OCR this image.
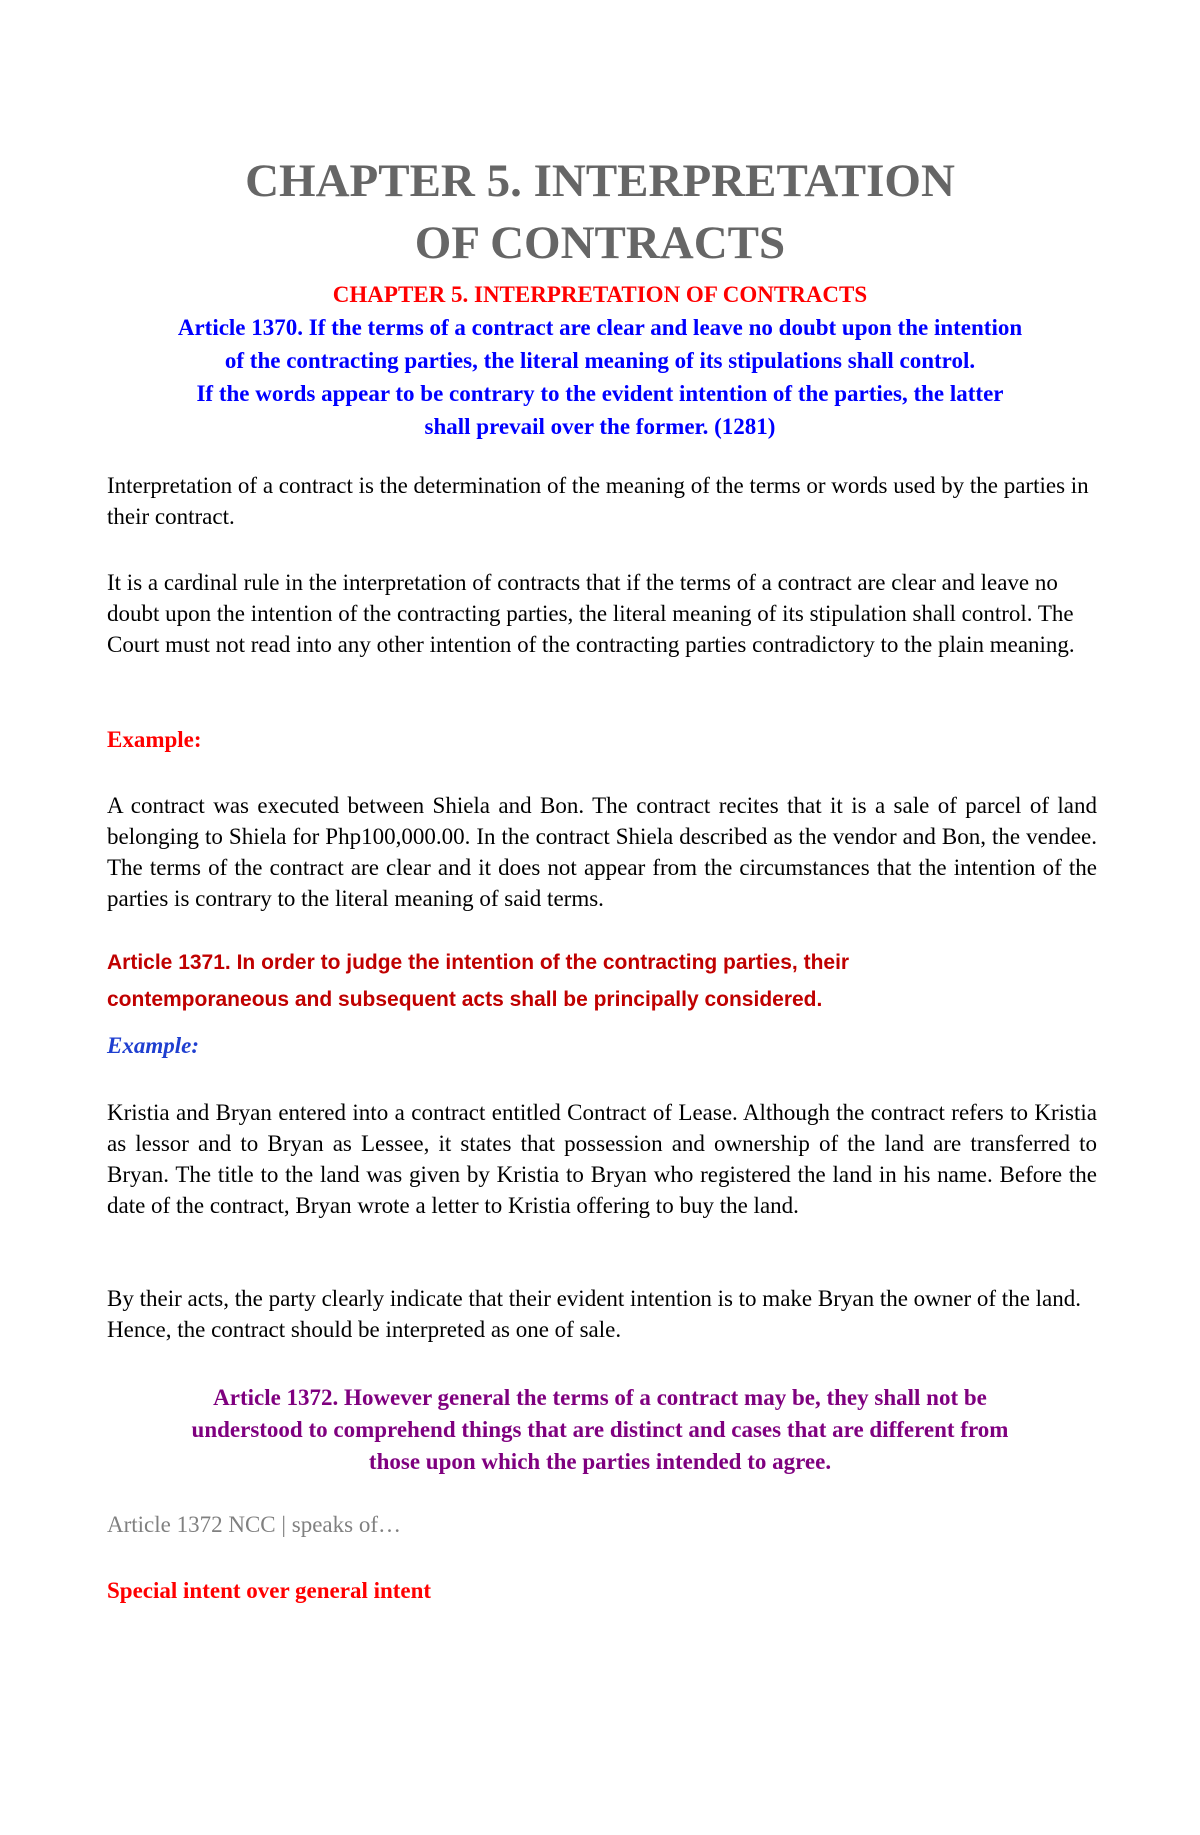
CHAPTER 5. INTERPRETATION
OF CONTRACTS

CHAPTER 5. INTERPRETATION OF CONTRACTS

Article 1370. If the terms of a contract are clear and leave no doubt upon the intention
of the contracting parties, the literal meaning of its stipulations shall control.
If the words appear to be contrary to the evident intention of the parties, the latter
shall prevail over the former. (1281)

Interpretation of a contract is the determination of the meaning of the terms or words used by the parties in their contract.

It is a cardinal rule in the interpretation of contracts that if the terms of a contract are clear and leave no doubt upon the intention of the contracting parties, the literal meaning of its stipulation shall control. The Court must not read into any other intention of the contracting parties contradictory to the plain meaning.

Example:

A contract was executed between Shiela and Bon. The contract recites that it is a sale of parcel of land belonging to Shiela for Php100,000.00. In the contract Shiela described as the vendor and Bon, the vendee. The terms of the contract are clear and it does not appear from the circumstances that the intention of the parties is contrary to the literal meaning of said terms.

Article 1371. In order to judge the intention of the contracting parties, their
contemporaneous and subsequent acts shall be principally considered.

Example:

Kristia and Bryan entered into a contract entitled Contract of Lease. Although the contract refers to Kristia as lessor and to Bryan as Lessee, it states that possession and ownership of the land are transferred to Bryan. The title to the land was given by Kristia to Bryan who registered the land in his name. Before the date of the contract, Bryan wrote a letter to Kristia offering to buy the land.

By their acts, the party clearly indicate that their evident intention is to make Bryan the owner of the land. Hence, the contract should be interpreted as one of sale.

Article 1372. However general the terms of a contract may be, they shall not be
understood to comprehend things that are distinct and cases that are different from
those upon which the parties intended to agree.

Article 1372 NCC | speaks of…

Special intent over general intent
